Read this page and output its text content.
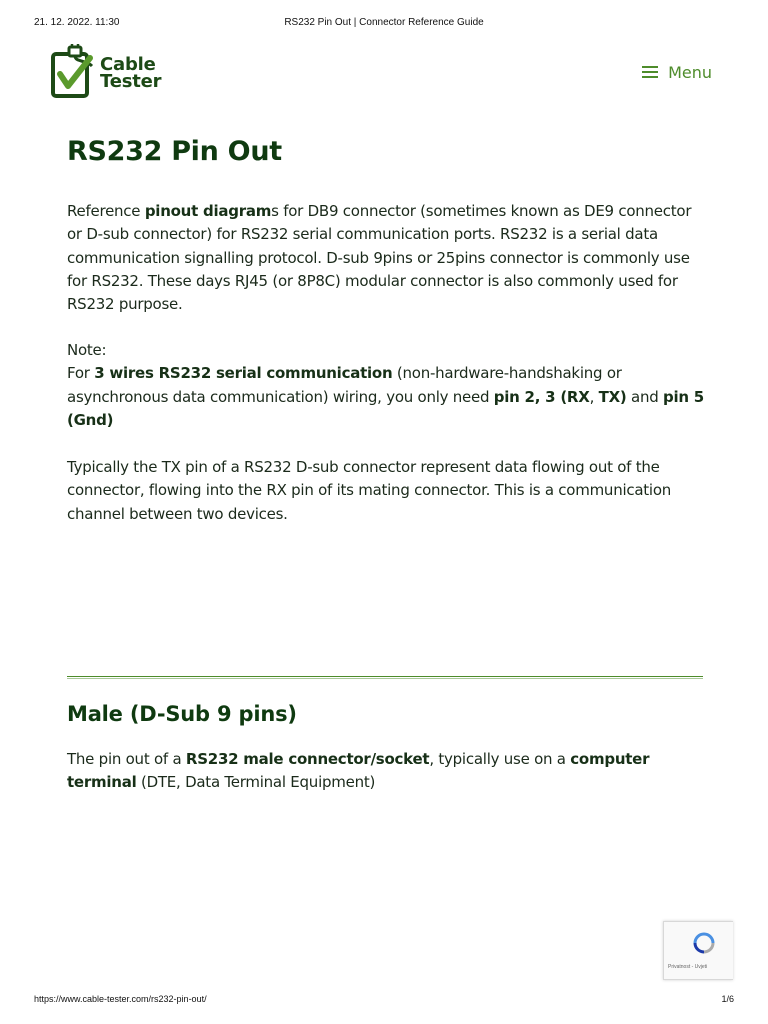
21. 12. 2022. 11:30	RS232 Pin Out | Connector Reference Guide
Cable
Tester	Menu
RS232 Pin Out

Reference pinout diagrams for DB9 connector (sometimes known as DE9 connector or D-sub connector) for RS232 serial communication ports. RS232 is a serial data communication signalling protocol. D-sub 9pins or 25pins connector is commonly use for RS232. These days RJ45 (or 8P8C) modular connector is also commonly used for RS232 purpose.

Note:
For 3 wires RS232 serial communication (non-hardware-handshaking or asynchronous data communication) wiring, you only need pin 2, 3 (RX, TX) and pin 5 (Gnd)

Typically the TX pin of a RS232 D-sub connector represent data flowing out of the connector, flowing into the RX pin of its mating connector. This is a communication channel between two devices.

Male (D-Sub 9 pins)

The pin out of a RS232 male connector/socket, typically use on a computer terminal (DTE, Data Terminal Equipment)

Privatnost - Uvjeti
https://www.cable-tester.com/rs232-pin-out/	1/6
